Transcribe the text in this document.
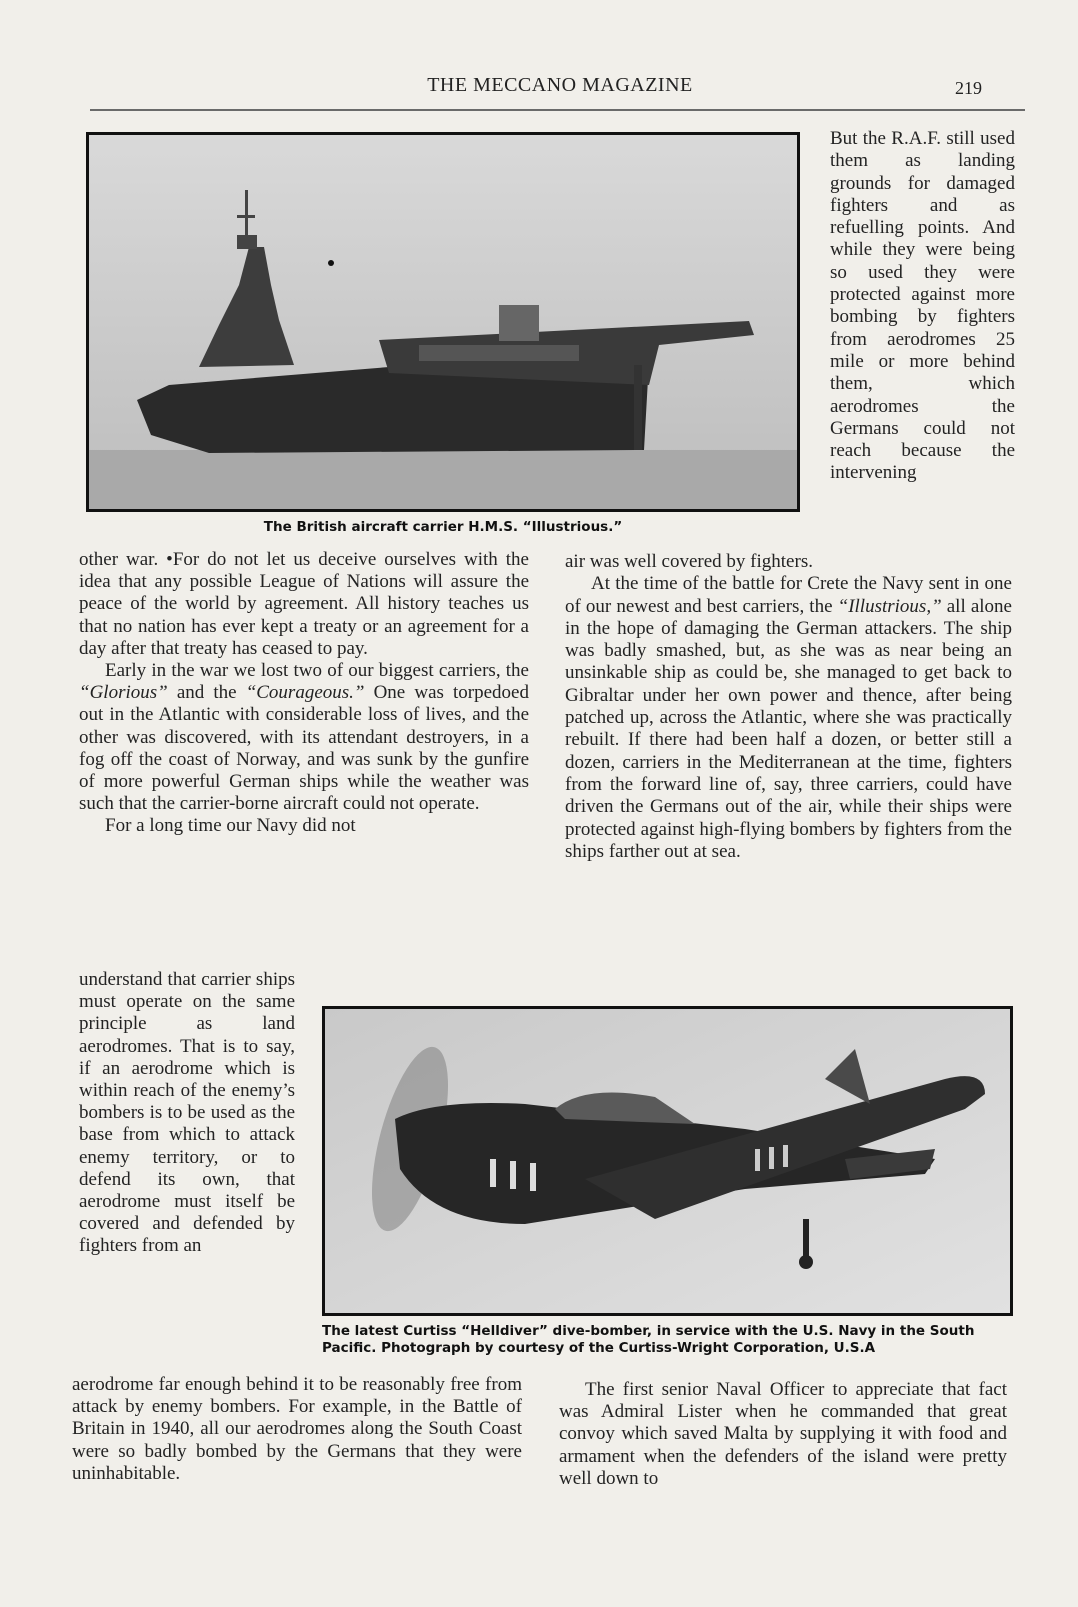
THE MECCANO MAGAZINE	219
The British aircraft carrier H.M.S. “Illustrious.”

But the R.A.F. still used them as landing grounds for damaged fighters and as refuelling points. And while they were being so used they were protected against more bombing by fighters from aerodromes 25 mile or more behind them, which aerodromes the Germans could not reach because the intervening

other war. •For do not let us deceive ourselves with the idea that any possible League of Nations will assure the peace of the world by agreement. All history teaches us that no nation has ever kept a treaty or an agreement for a day after that treaty has ceased to pay.

Early in the war we lost two of our biggest carriers, the “Glorious” and the “Courageous.” One was torpedoed out in the Atlantic with considerable loss of lives, and the other was discovered, with its attendant destroyers, in a fog off the coast of Norway, and was sunk by the gunfire of more powerful German ships while the weather was such that the carrier-borne aircraft could not operate.

For a long time our Navy did not

air was well covered by fighters.

At the time of the battle for Crete the Navy sent in one of our newest and best carriers, the “Illustrious,” all alone in the hope of damaging the German attackers. The ship was badly smashed, but, as she was as near being an unsinkable ship as could be, she managed to get back to Gibraltar under her own power and thence, after being patched up, across the Atlantic, where she was practically rebuilt. If there had been half a dozen, or better still a dozen, carriers in the Mediterranean at the time, fighters from the forward line of, say, three carriers, could have driven the Germans out of the air, while their ships were protected against high-flying bombers by fighters from the ships farther out at sea.

understand that carrier ships must operate on the same principle as land aerodromes. That is to say, if an aerodrome which is within reach of the enemy’s bombers is to be used as the base from which to attack enemy territory, or to defend its own, that aerodrome must itself be covered and defended by fighters from an

The latest Curtiss “Helldiver” dive-bomber, in service with the U.S. Navy in the South Pacific. Photograph by courtesy of the Curtiss-Wright Corporation, U.S.A

aerodrome far enough behind it to be reasonably free from attack by enemy bombers. For example, in the Battle of Britain in 1940, all our aerodromes along the South Coast were so badly bombed by the Germans that they were uninhabitable.

The first senior Naval Officer to appreciate that fact was Admiral Lister when he commanded that great convoy which saved Malta by supplying it with food and armament when the defenders of the island were pretty well down to
